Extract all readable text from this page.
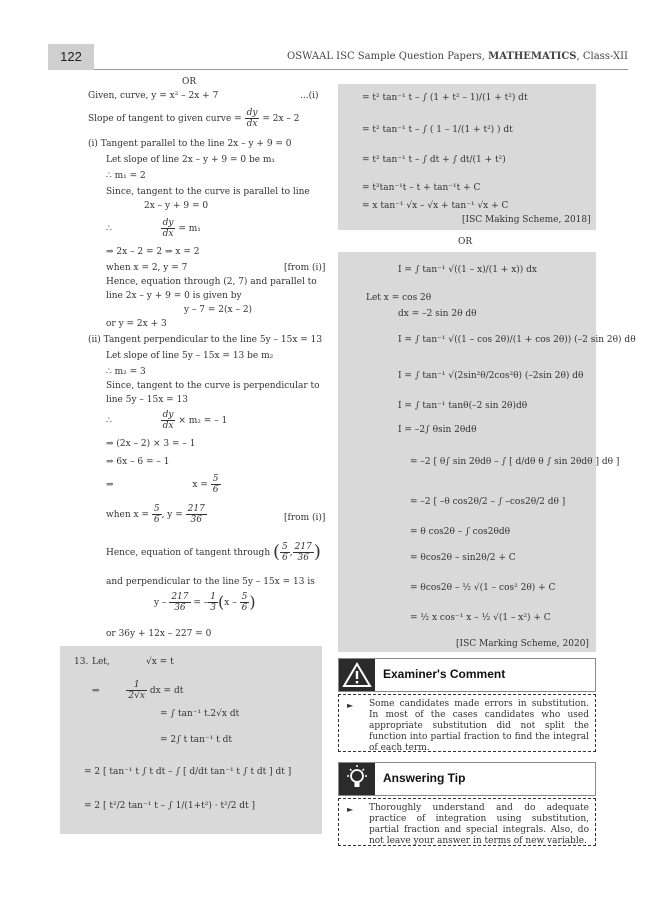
122	OSWAAL ISC Sample Question Papers, MATHEMATICS, Class-XII
OR
Given, curve, y = x² – 2x + 7	...(i)
Slope of tangent to given curve = $\frac{dy}{dx} = 2x - 2$
(i) Tangent parallel to the line 2x – y + 9 = 0
Let slope of line 2x – y + 9 = 0 be m₁
∴ m₁ = 2
Since, tangent to the curve is parallel to line
2x – y + 9 = 0
∴	$\frac{dy}{dx} = m_1$
⇒ 2x – 2 = 2 ⇒ x = 2
when x = 2, y = 7	[from (i)]
Hence, equation through (2, 7) and parallel to
line 2x – y + 9 = 0 is given by
y – 7 = 2(x – 2)
or y = 2x + 3
(ii) Tangent perpendicular to the line 5y – 15x = 13
Let slope of line 5y – 15x = 13 be m₂
∴ m₂ = 3
Since, tangent to the curve is perpendicular to
line 5y – 15x = 13
∴	$\frac{dy}{dx} \times m_2$ = – 1
⇒ (2x – 2) × 3 = – 1
⇒ 6x – 6 = – 1
⇒	$x = \frac{5}{6}$
when $x = \frac{5}{6}$ , $y = \frac{217}{36}$	[from (i)]
Hence, equation of tangent through ( $\frac{5}{6}$ , $\frac{217}{36}$ )
and perpendicular to the line 5y – 15x = 13 is
y – $\frac{217}{36}$ = – $\frac{1}{3} (x - \frac{5}{6}$ )
or 36y + 12x – 227 = 0
13. Let,	√x = t
⇒	$\frac{1}{2√x}$ dx = dt
= ∫ tan⁻¹ t.2√x dt
= 2∫ t tan⁻¹ t dt
= 2 [ tan⁻¹ t ∫ t dt – ∫ [ d/dt tan⁻¹ t ∫ t dt ] dt ]
= 2 [ t²/2 tan⁻¹ t – ∫ 1/(1+t²) · t²/2 dt ]
= t² tan⁻¹ t – ∫ (1 + t² – 1)/(1 + t²) dt
= t² tan⁻¹ t – ∫ ( 1 – 1/(1 + t²) ) dt
= t² tan⁻¹ t – ∫ dt + ∫ dt/(1 + t²)
= t²tan⁻¹t – t + tan⁻¹t + C
= x tan⁻¹ √x – √x + tan⁻¹ √x + C
[ISC Making Scheme, 2018]
OR
I = ∫ tan⁻¹ √((1 – x)/(1 + x)) dx
Let x = cos 2θ
dx = –2 sin 2θ dθ
I = ∫ tan⁻¹ √((1 – cos 2θ)/(1 + cos 2θ)) (–2 sin 2θ) dθ
I = ∫ tan⁻¹ √(2sin²θ/2cos²θ) (–2sin 2θ) dθ
I = ∫ tan⁻¹ tanθ(–2 sin 2θ)dθ
I = –2∫ θsin 2θdθ
= –2 [ θ∫ sin 2θdθ – ∫ [ d/dθ θ ∫ sin 2θdθ ] dθ ]
= –2 [ –θ cos2θ/2 – ∫ –cos2θ/2 dθ ]
= θ cos2θ – ∫ cos2θdθ
= θcos2θ – sin2θ/2 + C
= θcos2θ – ½ √(1 – cos² 2θ) + C
= ½ x cos⁻¹ x – ½ √(1 – x²) + C
[ISC Marking Scheme, 2020]
Examiner's Comment
► Some candidates made errors in substitution. In most of the cases candidates who used appropriate substitution did not split the function into partial fraction to find the integral of each term.
Answering Tip
► Thoroughly understand and do adequate practice of integration using substitution, partial fraction and special integrals. Also, do not leave your answer in terms of new variable.
